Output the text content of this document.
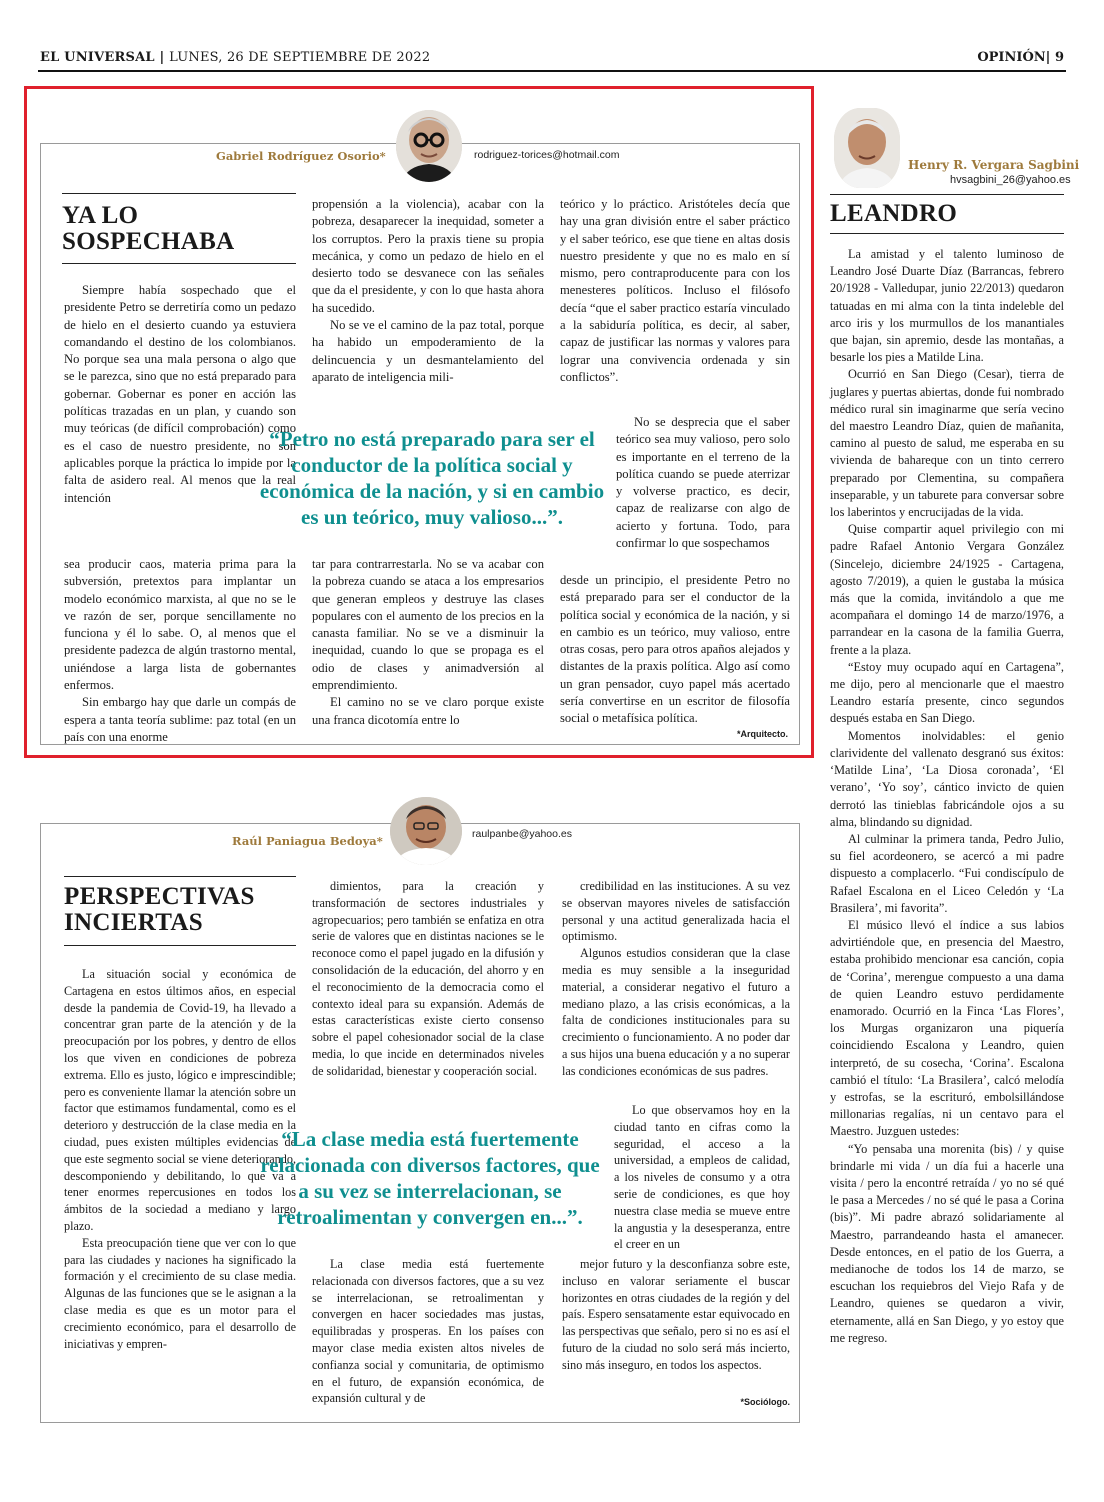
EL UNIVERSAL | LUNES, 26 DE SEPTIEMBRE DE 2022	OPINIÓN| 9
Gabriel Rodríguez Osorio*	rodriguez-torices@hotmail.com
YA LO
SOSPECHABA

Siempre había sospechado que el presidente Petro se derretiría como un pedazo de hielo en el desierto cuando ya estuviera comandando el destino de los colombianos. No porque sea una mala persona o algo que se le parezca, sino que no está preparado para gobernar. Gobernar es poner en acción las políticas trazadas en un plan, y cuando son muy teóricas (de difícil comprobación) como es el caso de nuestro presidente, no son aplicables porque la práctica lo impide por la falta de asidero real. Al menos que la real intención

sea producir caos, materia prima para la subversión, pretextos para implantar un modelo económico marxista, al que no se le ve razón de ser, porque sencillamente no funciona y él lo sabe. O, al menos que el presidente padezca de algún trastorno mental, uniéndose a larga lista de gobernantes enfermos.

Sin embargo hay que darle un compás de espera a tanta teoría sublime: paz total (en un país con una enorme

propensión a la violencia), acabar con la pobreza, desaparecer la inequidad, someter a los corruptos. Pero la praxis tiene su propia mecánica, y como un pedazo de hielo en el desierto todo se desvanece con las señales que da el presidente, y con lo que hasta ahora ha sucedido.

No se ve el camino de la paz total, porque ha habido un empoderamiento de la delincuencia y un desmantelamiento del aparato de inteligencia mili-

tar para contrarrestarla. No se va acabar con la pobreza cuando se ataca a los empresarios que generan empleos y destruye las clases populares con el aumento de los precios en la canasta familiar. No se ve a disminuir la inequidad, cuando lo que se propaga es el odio de clases y animadversión al emprendimiento.

El camino no se ve claro porque existe una franca dicotomía entre lo

teórico y lo práctico. Aristóteles decía que hay una gran división entre el saber práctico y el saber teórico, ese que tiene en altas dosis nuestro presidente y que no es malo en sí mismo, pero contraproducente para con los menesteres políticos. Incluso el filósofo decía “que el saber practico estaría vinculado a la sabiduría política, es decir, al saber, capaz de justificar las normas y valores para lograr una convivencia ordenada y sin conflictos”.

No se desprecia que el saber teórico sea muy valioso, pero solo es importante en el terreno de la política cuando se puede aterrizar y volverse practico, es decir, capaz de realizarse con algo de acierto y fortuna. Todo, para confirmar lo que sospechamos

desde un principio, el presidente Petro no está preparado para ser el conductor de la política social y económica de la nación, y si en cambio es un teórico, muy valioso, entre otras cosas, pero para otros apaños alejados y distantes de la praxis política. Algo así como un gran pensador, cuyo papel más acertado sería convertirse en un escritor de filosofía social o metafísica política.

“Petro no está preparado para ser el conductor de la política social y económica de la nación, y si en cambio es un teórico, muy valioso...”.
*Arquitecto.
Raúl Paniagua Bedoya*	raulpanbe@yahoo.es
PERSPECTIVAS
INCIERTAS

La situación social y económica de Cartagena en estos últimos años, en especial desde la pandemia de Covid-19, ha llevado a concentrar gran parte de la atención y de la preocupación por los pobres, y dentro de ellos los que viven en condiciones de pobreza extrema. Ello es justo, lógico e imprescindible; pero es conveniente llamar la atención sobre un factor que estimamos fundamental, como es el deterioro y destrucción de la clase media en la ciudad, pues existen múltiples evidencias de que este segmento social se viene deteriorando, descomponiendo y debilitando, lo que va a tener enormes repercusiones en todos los ámbitos de la sociedad a mediano y largo plazo.

Esta preocupación tiene que ver con lo que para las ciudades y naciones ha significado la formación y el crecimiento de su clase media. Algunas de las funciones que se le asignan a la clase media es que es un motor para el crecimiento económico, para el desarrollo de iniciativas y empren-

dimientos, para la creación y transformación de sectores industriales y agropecuarios; pero también se enfatiza en otra serie de valores que en distintas naciones se le reconoce como el papel jugado en la difusión y consolidación de la educación, del ahorro y en el reconocimiento de la democracia como el contexto ideal para su expansión. Además de estas características existe cierto consenso sobre el papel cohesionador social de la clase media, lo que incide en determinados niveles de solidaridad, bienestar y cooperación social.

La clase media está fuertemente relacionada con diversos factores, que a su vez se interrelacionan, se retroalimentan y convergen en hacer sociedades mas justas, equilibradas y prosperas. En los países con mayor clase media existen altos niveles de confianza social y comunitaria, de optimismo en el futuro, de expansión económica, de expansión cultural y de

credibilidad en las instituciones. A su vez se observan mayores niveles de satisfacción personal y una actitud generalizada hacia el optimismo.

Algunos estudios consideran que la clase media es muy sensible a la inseguridad material, a considerar negativo el futuro a mediano plazo, a las crisis económicas, a la falta de condiciones institucionales para su crecimiento o funcionamiento. A no poder dar a sus hijos una buena educación y a no superar las condiciones económicas de sus padres.

Lo que observamos hoy en la ciudad tanto en cifras como la seguridad, el acceso a la universidad, a empleos de calidad, a los niveles de consumo y a otra serie de condiciones, es que hoy nuestra clase media se mueve entre la angustia y la desesperanza, entre el creer en un

mejor futuro y la desconfianza sobre este, incluso en valorar seriamente el buscar horizontes en otras ciudades de la región y del país. Espero sensatamente estar equivocado en las perspectivas que señalo, pero si no es así el futuro de la ciudad no solo será más incierto, sino más inseguro, en todos los aspectos.

“La clase media está fuertemente relacionada con diversos factores, que a su vez se interrelacionan, se retroalimentan y convergen en...”.
*Sociólogo.
Henry R. Vergara Sagbini
hvsagbini_26@yahoo.es
LEANDRO

La amistad y el talento luminoso de Leandro José Duarte Díaz (Barrancas, febrero 20/1928 - Valledupar, junio 22/2013) quedaron tatuadas en mi alma con la tinta indeleble del arco iris y los murmullos de los manantiales que bajan, sin apremio, desde las montañas, a besarle los pies a Matilde Lina.

Ocurrió en San Diego (Cesar), tierra de juglares y puertas abiertas, donde fui nombrado médico rural sin imaginarme que sería vecino del maestro Leandro Díaz, quien de mañanita, camino al puesto de salud, me esperaba en su vivienda de bahareque con un tinto cerrero preparado por Clementina, su compañera inseparable, y un taburete para conversar sobre los laberintos y encrucijadas de la vida.

Quise compartir aquel privilegio con mi padre Rafael Antonio Vergara González (Sincelejo, diciembre 24/1925 - Cartagena, agosto 7/2019), a quien le gustaba la música más que la comida, invitándolo a que me acompañara el domingo 14 de marzo/1976, a parrandear en la casona de la familia Guerra, frente a la plaza.

“Estoy muy ocupado aquí en Cartagena”, me dijo, pero al mencionarle que el maestro Leandro estaría presente, cinco segundos después estaba en San Diego.

Momentos inolvidables: el genio clarividente del vallenato desgranó sus éxitos: ‘Matilde Lina’, ‘La Diosa coronada’, ‘El verano’, ‘Yo soy’, cántico invicto de quien derrotó las tinieblas fabricándole ojos a su alma, blindando su dignidad.

Al culminar la primera tanda, Pedro Julio, su fiel acordeonero, se acercó a mi padre dispuesto a complacerlo. “Fui condiscípulo de Rafael Escalona en el Liceo Celedón y ‘La Brasilera’, mi favorita”.

El músico llevó el índice a sus labios advirtiéndole que, en presencia del Maestro, estaba prohibido mencionar esa canción, copia de ‘Corina’, merengue compuesto a una dama de quien Leandro estuvo perdidamente enamorado. Ocurrió en la Finca ‘Las Flores’, los Murgas organizaron una piquería coincidiendo Escalona y Leandro, quien interpretó, de su cosecha, ‘Corina’. Escalona cambió el título: ‘La Brasilera’, calcó melodía y estrofas, se la escrituró, embolsillándose millonarias regalías, ni un centavo para el Maestro. Juzguen ustedes:

“Yo pensaba una morenita (bis) / y quise brindarle mi vida / un día fui a hacerle una visita / pero la encontré retraída / yo no sé qué le pasa a Mercedes / no sé qué le pasa a Corina (bis)”. Mi padre abrazó solidariamente al Maestro, parrandeando hasta el amanecer. Desde entonces, en el patio de los Guerra, a medianoche de todos los 14 de marzo, se escuchan los requiebros del Viejo Rafa y de Leandro, quienes se quedaron a vivir, eternamente, allá en San Diego, y yo estoy que me regreso.
